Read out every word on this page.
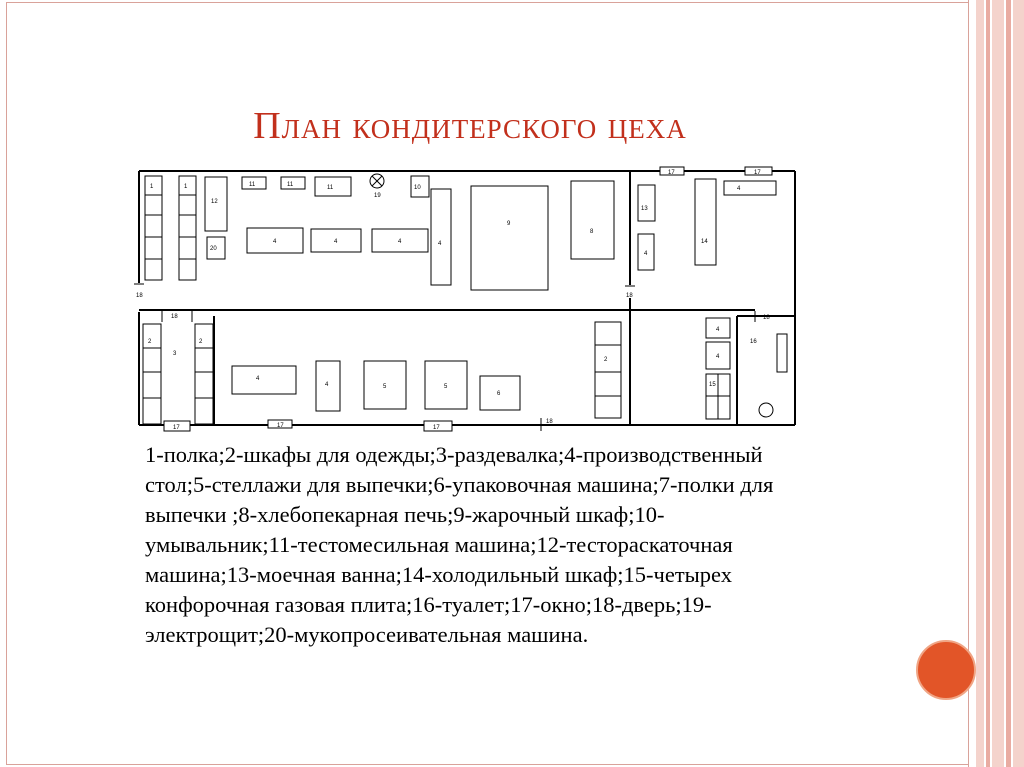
План кондитерского цеха
1	1
12
20
11	11	11
19
10
4	4	4	4
9
8
13
4
14
4
17	17
18	18
18	18
18
2
3
2
4
4	5	5
6
2
17	17	17
4
4
15
16
1-полка;2-шкафы для одежды;3-раздевалка;4-производственный стол;5-стеллажи для выпечки;6-упаковочная машина;7-полки для выпечки ;8-хлебопекарная печь;9-жарочный шкаф;10-умывальник;11-тестомесильная машина;12-тестораскаточная машина;13-моечная ванна;14-холодильный шкаф;15-четырех конфорочная газовая плита;16-туалет;17-окно;18-дверь;19-электрощит;20-мукопросеивательная машина.
